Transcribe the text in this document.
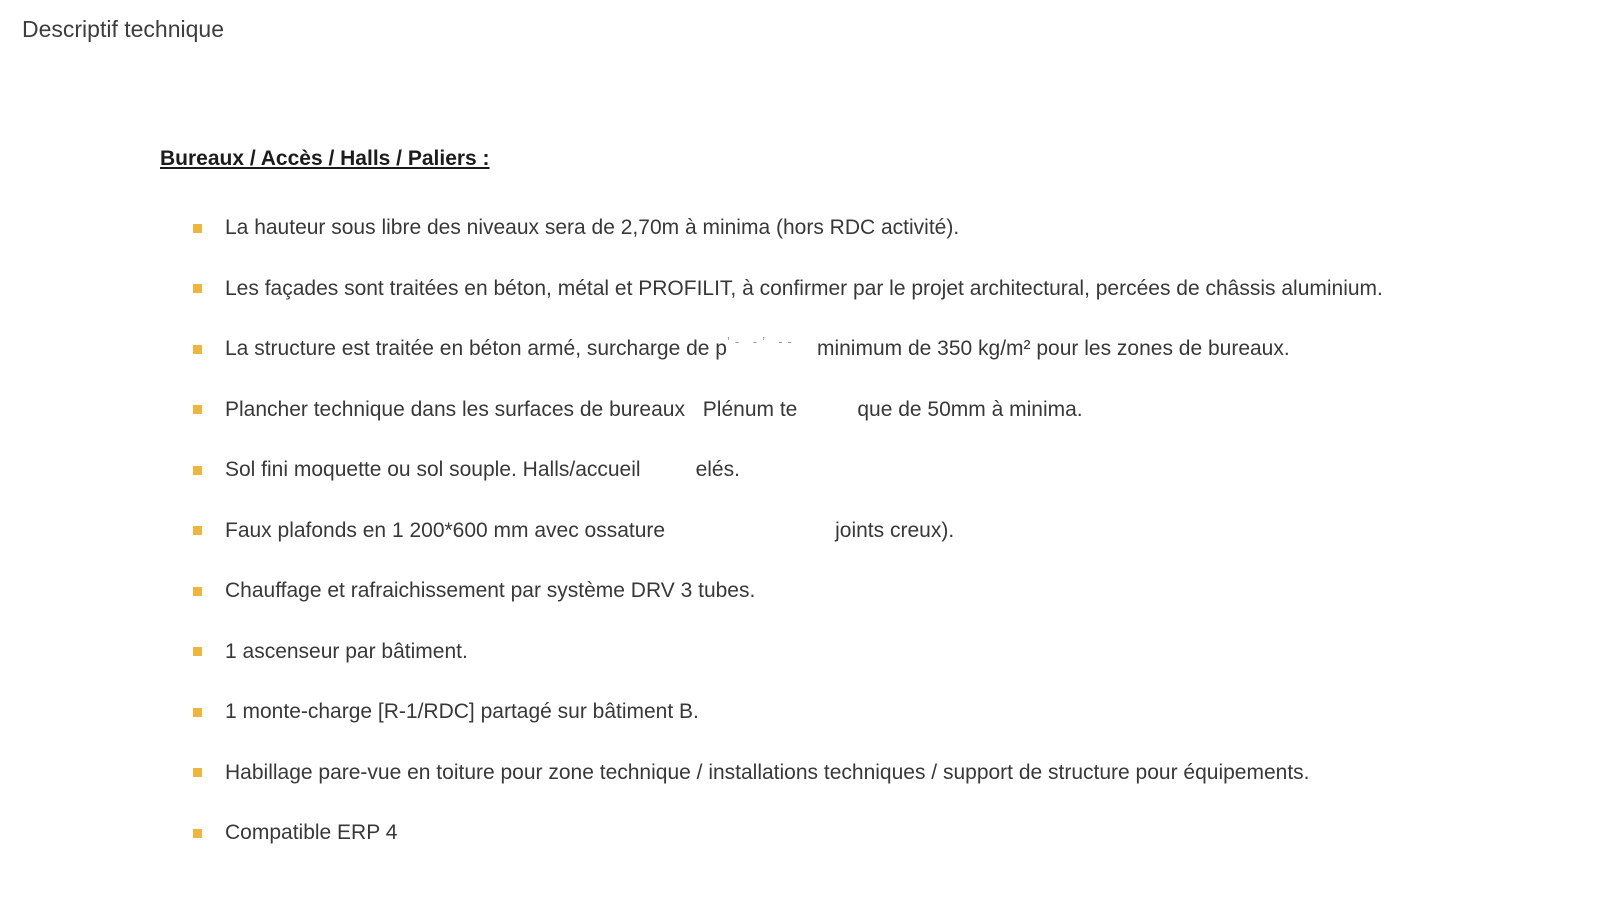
Descriptif technique
Bureaux / Accès / Halls / Paliers :
La hauteur sous libre des niveaux sera de 2,70m à minima (hors RDC activité).
Les façades sont traitées en béton, métal et PROFILIT, à confirmer par le projet architectural, percées de châssis aluminium.
La structure est traitée en béton armé, surcharge de p’‑ ‑’ ‑‑ minimum de 350 kg/m² pour les zones de bureaux.
Plancher technique dans les surfaces de bureaux Plénum te	que de 50mm à minima.
Sol fini moquette ou sol souple. Halls/accueil	elés.
Faux plafonds en 1 200*600 mm avec ossature	joints creux).
Chauffage et rafraichissement par système DRV 3 tubes.
1 ascenseur par bâtiment.
1 monte-charge [R-1/RDC] partagé sur bâtiment B.
Habillage pare-vue en toiture pour zone technique / installations techniques / support de structure pour équipements.
Compatible ERP 4
